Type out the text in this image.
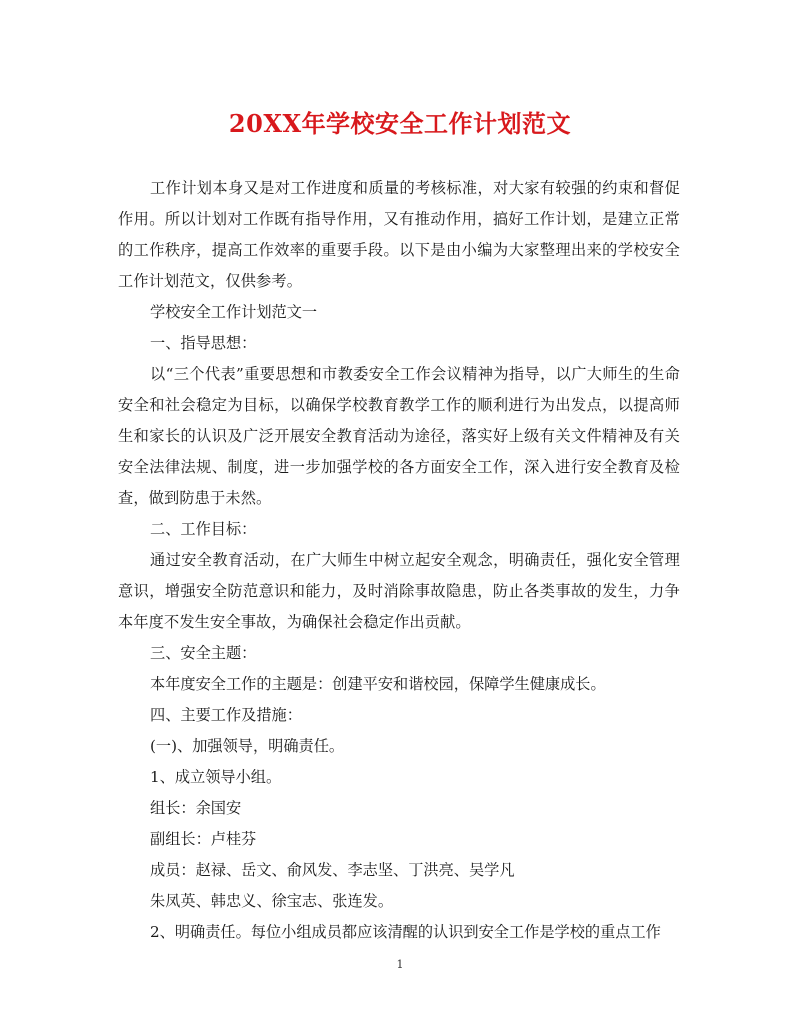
20XX年学校安全工作计划范文

工作计划本身又是对工作进度和质量的考核标准，对大家有较强的约束和督促作用。所以计划对工作既有指导作用，又有推动作用，搞好工作计划，是建立正常的工作秩序，提高工作效率的重要手段。以下是由小编为大家整理出来的学校安全工作计划范文，仅供参考。

学校安全工作计划范文一

一、指导思想：

以“三个代表”重要思想和市教委安全工作会议精神为指导，以广大师生的生命安全和社会稳定为目标，以确保学校教育教学工作的顺利进行为出发点，以提高师生和家长的认识及广泛开展安全教育活动为途径，落实好上级有关文件精神及有关安全法律法规、制度，进一步加强学校的各方面安全工作，深入进行安全教育及检查，做到防患于未然。

二、工作目标：

通过安全教育活动，在广大师生中树立起安全观念，明确责任，强化安全管理意识，增强安全防范意识和能力，及时消除事故隐患，防止各类事故的发生，力争本年度不发生安全事故，为确保社会稳定作出贡献。

三、安全主题：

本年度安全工作的主题是：创建平安和谐校园，保障学生健康成长。

四、主要工作及措施：

(一)、加强领导，明确责任。

1、成立领导小组。

组长：余国安

副组长：卢桂芬

成员：赵禄、岳文、俞风发、李志坚、丁洪亮、吴学凡

朱凤英、韩忠义、徐宝志、张连发。

2、明确责任。每位小组成员都应该清醒的认识到安全工作是学校的重点工作

1
